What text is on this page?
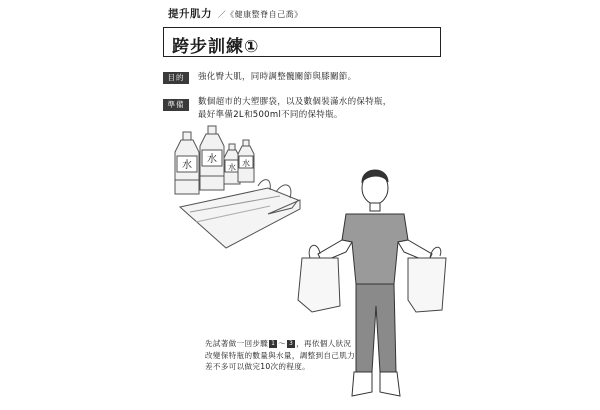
提升肌力 ／《健康整脊自己喬》
跨步訓練①
目的	強化臀大肌，同時調整髖關節與膝關節。
準備	數個超市的大塑膠袋，以及數個裝滿水的保特瓶，
最好準備2L和500ml不同的保特瓶。
水
水
水 水
先試著做一回步驟 1 ～ 3 ，再依個人狀況改變保特瓶的數量與水量，調整到自己肌力差不多可以做完10次的程度。
